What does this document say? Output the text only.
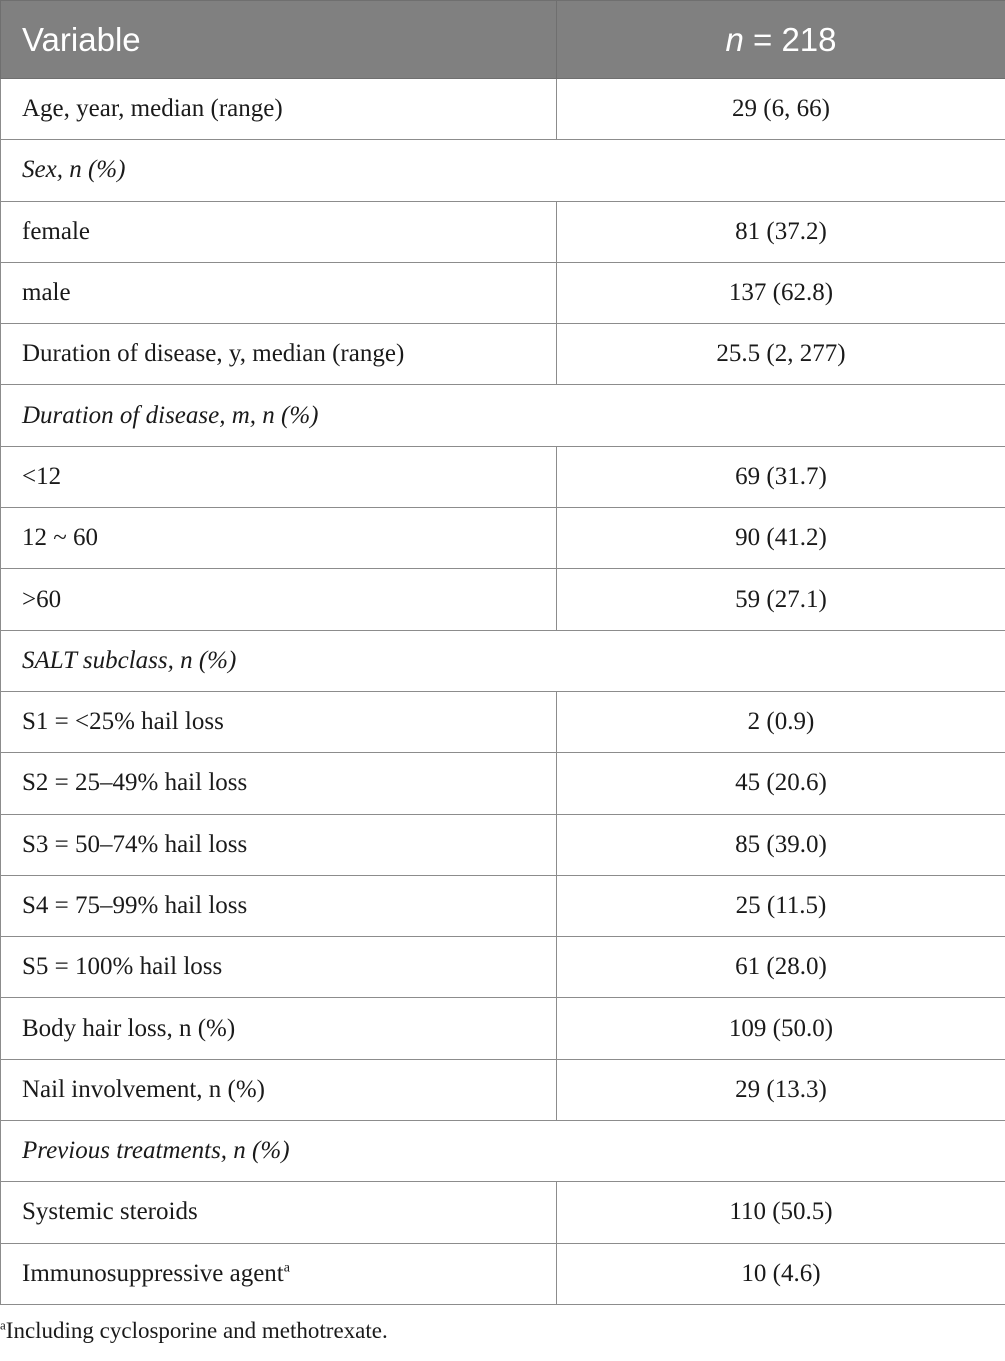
Variable	n = 218
Age, year, median (range)	29 (6, 66)
Sex, n (%)	
female	81 (37.2)
male	137 (62.8)
Duration of disease, y, median (range)	25.5 (2, 277)
Duration of disease, m, n (%)	
<12	69 (31.7)
12 ~ 60	90 (41.2)
>60	59 (27.1)
SALT subclass, n (%)	
S1 = <25% hail loss	2 (0.9)
S2 = 25–49% hail loss	45 (20.6)
S3 = 50–74% hail loss	85 (39.0)
S4 = 75–99% hail loss	25 (11.5)
S5 = 100% hail loss	61 (28.0)
Body hair loss, n (%)	109 (50.0)
Nail involvement, n (%)	29 (13.3)
Previous treatments, n (%)	
Systemic steroids	110 (50.5)
Immunosuppressive agent$^a$	10 (4.6)
$^a$Including cyclosporine and methotrexate.
